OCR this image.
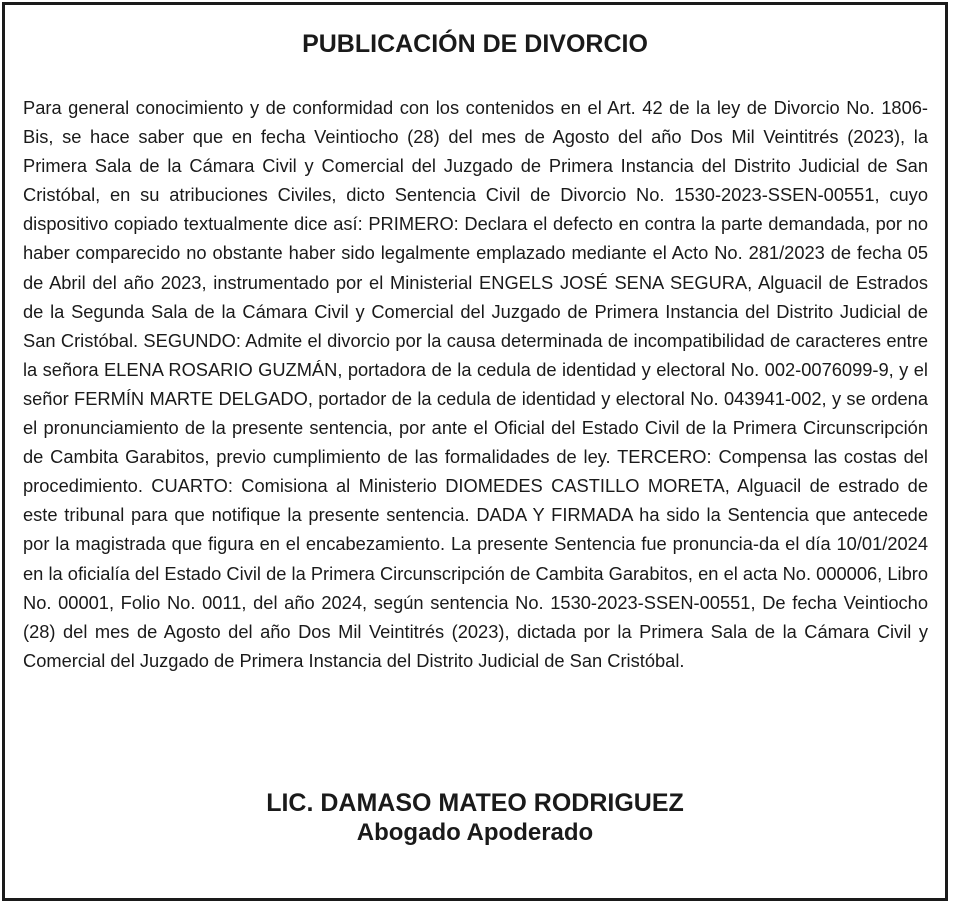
PUBLICACIÓN DE DIVORCIO

Para general conocimiento y de conformidad con los contenidos en el Art. 42 de la ley de Divorcio No. 1806- Bis, se hace saber que en fecha Veintiocho (28) del mes de Agosto del año Dos Mil Veintitrés (2023), la Primera Sala de la Cámara Civil y Comercial del Juzgado de Primera Instancia del Distrito Judicial de San Cristóbal, en su atribuciones Civiles, dicto Sentencia Civil de Divorcio No. 1530-2023-SSEN-00551, cuyo dispositivo copiado textualmente dice así: PRIMERO: Declara el defecto en contra la parte demandada, por no haber comparecido no obstante haber sido legalmente emplazado mediante el Acto No. 281/2023 de fecha 05 de Abril del año 2023, instrumentado por el Ministerial ENGELS JOSÉ SENA SEGURA, Alguacil de Estrados de la Segunda Sala de la Cámara Civil y Comercial del Juzgado de Primera Instancia del Distrito Judicial de San Cristóbal. SEGUNDO: Admite el divorcio por la causa determinada de incompatibilidad de caracteres entre la señora ELENA ROSARIO GUZMÁN, portadora de la cedula de identidad y electoral No. 002-0076099-9, y el señor FERMÍN MARTE DELGADO, portador de la cedula de identidad y electoral No. 043941-002, y se ordena el pronunciamiento de la presente sentencia, por ante el Oficial del Estado Civil de la Primera Circunscripción de Cambita Garabitos, previo cumplimiento de las formalidades de ley. TERCERO: Compensa las costas del procedimiento. CUARTO: Comisiona al Ministerio DIOMEDES CASTILLO MORETA, Alguacil de estrado de este tribunal para que notifique la presente sentencia. DADA Y FIRMADA ha sido la Sentencia que antecede por la magistrada que figura en el encabezamiento. La presente Sentencia fue pronuncia-da el día 10/01/2024 en la oficialía del Estado Civil de la Primera Circunscripción de Cambita Garabitos, en el acta No. 000006, Libro No. 00001, Folio No. 0011, del año 2024, según sentencia No. 1530-2023-SSEN-00551, De fecha Veintiocho (28) del mes de Agosto del año Dos Mil Veintitrés (2023), dictada por la Primera Sala de la Cámara Civil y Comercial del Juzgado de Primera Instancia del Distrito Judicial de San Cristóbal.

LIC. DAMASO MATEO RODRIGUEZ
Abogado Apoderado
